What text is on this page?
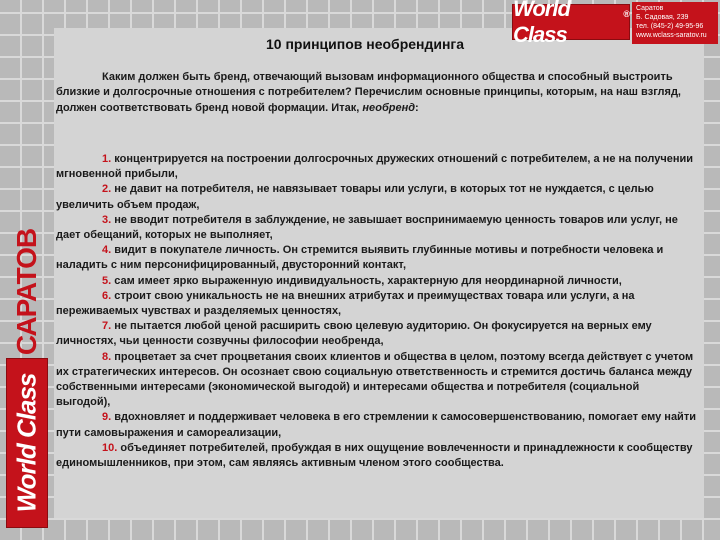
World Class
®
Саратов
Б. Садовая, 239
тел. (845-2) 49-95-96
www.wclass-saratov.ru
САРАТОВ
World Class
10 принципов необрендинга

Каким должен быть бренд, отвечающий вызовам информационного общества и способный выстроить близкие и долгосрочные отношения с потребителем? Перечислим основные принципы, которым, на наш взгляд, должен соответствовать бренд новой формации. Итак, необренд:

1. концентрируется на построении долгосрочных дружеских отношений с потребителем, а не на получении мгновенной прибыли,

2. не давит на потребителя, не навязывает товары или услуги, в которых тот не нуждается, с целью увеличить объем продаж,

3. не вводит потребителя в заблуждение, не завышает воспринимаемую ценность товаров или услуг, не дает обещаний, которых не выполняет,

4. видит в покупателе личность. Он стремится выявить глубинные мотивы и потребности человека и наладить с ним персонифицированный, двусторонний контакт,

5. сам имеет ярко выраженную индивидуальность, характерную для неординарной личности,

6. строит свою уникальность не на внешних атрибутах и преимуществах товара или услуги, а на переживаемых чувствах и разделяемых ценностях,

7. не пытается любой ценой расширить свою целевую аудиторию. Он фокусируется на верных ему личностях, чьи ценности созвучны философии необренда,

8. процветает за счет процветания своих клиентов и общества в целом, поэтому всегда действует с учетом их стратегических интересов. Он осознает свою социальную ответственность и стремится достичь баланса между собственными интересами (экономической выгодой) и интересами общества и потребителя (социальной выгодой),

9. вдохновляет и поддерживает человека в его стремлении к самосовершенствованию, помогает ему найти пути самовыражения и самореализации,

10. объединяет потребителей, пробуждая в них ощущение вовлеченности и принадлежности к сообществу единомышленников, при этом, сам являясь активным членом этого сообщества.
